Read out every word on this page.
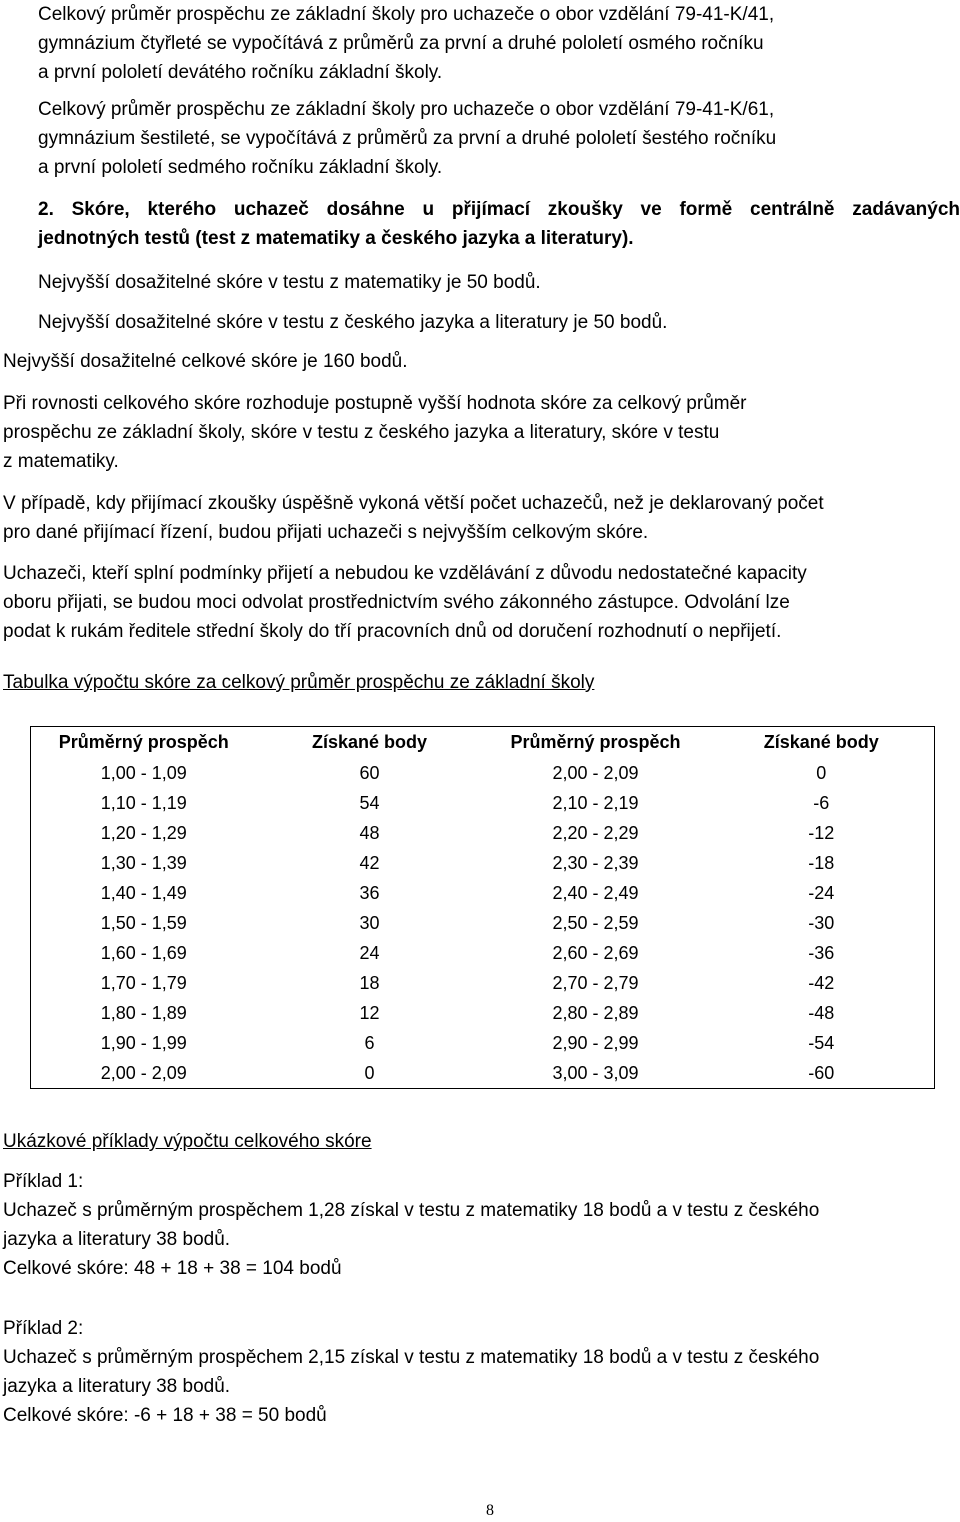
Celkový průměr prospěchu ze základní školy pro uchazeče o obor vzdělání 79-41-K/41,
gymnázium čtyřleté se vypočítává z průměrů za první a druhé pololetí osmého ročníku
a první pololetí devátého ročníku základní školy.
Celkový průměr prospěchu ze základní školy pro uchazeče o obor vzdělání 79-41-K/61,
gymnázium šestileté, se vypočítává z průměrů za první a druhé pololetí šestého ročníku
a první pololetí sedmého ročníku základní školy.
2. Skóre, kterého uchazeč dosáhne u přijímací zkoušky ve formě centrálně zadávaných
jednotných testů (test z matematiky a českého jazyka a literatury).
Nejvyšší dosažitelné skóre v testu z matematiky je 50 bodů.
Nejvyšší dosažitelné skóre v testu z českého jazyka a literatury je 50 bodů.
Nejvyšší dosažitelné celkové skóre je 160 bodů.
Při rovnosti celkového skóre rozhoduje postupně vyšší hodnota skóre za celkový průměr
prospěchu ze základní školy, skóre v testu z českého jazyka a literatury, skóre v testu
z matematiky.
V případě, kdy přijímací zkoušky úspěšně vykoná větší počet uchazečů, než je deklarovaný počet
pro dané přijímací řízení, budou přijati uchazeči s nejvyšším celkovým skóre.
Uchazeči, kteří splní podmínky přijetí a nebudou ke vzdělávání z důvodu nedostatečné kapacity
oboru přijati, se budou moci odvolat prostřednictvím svého zákonného zástupce. Odvolání lze
podat k rukám ředitele střední školy do tří pracovních dnů od doručení rozhodnutí o nepřijetí.
Tabulka výpočtu skóre za celkový průměr prospěchu ze základní školy
Průměrný prospěch	Získané body	Průměrný prospěch	Získané body
1,00 - 1,09	60	2,00 - 2,09	0
1,10 - 1,19	54	2,10 - 2,19	-6
1,20 - 1,29	48	2,20 - 2,29	-12
1,30 - 1,39	42	2,30 - 2,39	-18
1,40 - 1,49	36	2,40 - 2,49	-24
1,50 - 1,59	30	2,50 - 2,59	-30
1,60 - 1,69	24	2,60 - 2,69	-36
1,70 - 1,79	18	2,70 - 2,79	-42
1,80 - 1,89	12	2,80 - 2,89	-48
1,90 - 1,99	6	2,90 - 2,99	-54
2,00 - 2,09	0	3,00 - 3,09	-60
Ukázkové příklady výpočtu celkového skóre
Příklad 1:
Uchazeč s průměrným prospěchem 1,28 získal v testu z matematiky 18 bodů a v testu z českého
jazyka a literatury 38 bodů.
Celkové skóre: 48 + 18 + 38 = 104 bodů
Příklad 2:
Uchazeč s průměrným prospěchem 2,15 získal v testu z matematiky 18 bodů a v testu z českého
jazyka a literatury 38 bodů.
Celkové skóre: -6 + 18 + 38 = 50 bodů
8
